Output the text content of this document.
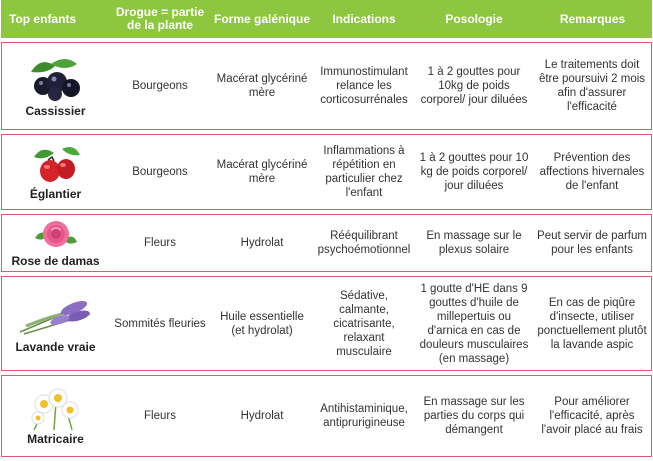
Top enfants	Drogue = partie de la plante	Forme galénique	Indications	Posologie	Remarques

Cassissier	Bourgeons	Macérat glycériné mère	Immunostimulant relance les corticosurrénales	1 à 2 gouttes pour 10kg de poids corporel/ jour diluées	Le traitements doit être poursuivi 2 mois afin d'assurer l'efficacité

Églantier	Bourgeons	Macérat glycériné mère	Inflammations à répétition en particulier chez l'enfant	1 à 2 gouttes pour 10 kg de poids corporel/ jour diluées	Prévention des affections hivernales de l'enfant

Rose de damas	Fleurs	Hydrolat	Rééquilibrant psychoémotionnel	En massage sur le plexus solaire	Peut servir de parfum pour les enfants

Lavande vraie	Sommités fleuries	Huile essentielle (et hydrolat)	Sédative, calmante, cicatrisante, relaxant musculaire	1 goutte d'HE dans 9 gouttes d'huile de millepertuis ou d'arnica en cas de douleurs musculaires (en massage)	En cas de piqûre d'insecte, utiliser ponctuellement plutôt la lavande aspic

Matricaire	Fleurs	Hydrolat	Antihistaminique, antiprurigineuse	En massage sur les parties du corps qui démangent	Pour améliorer l'efficacité, après l'avoir placé au frais
